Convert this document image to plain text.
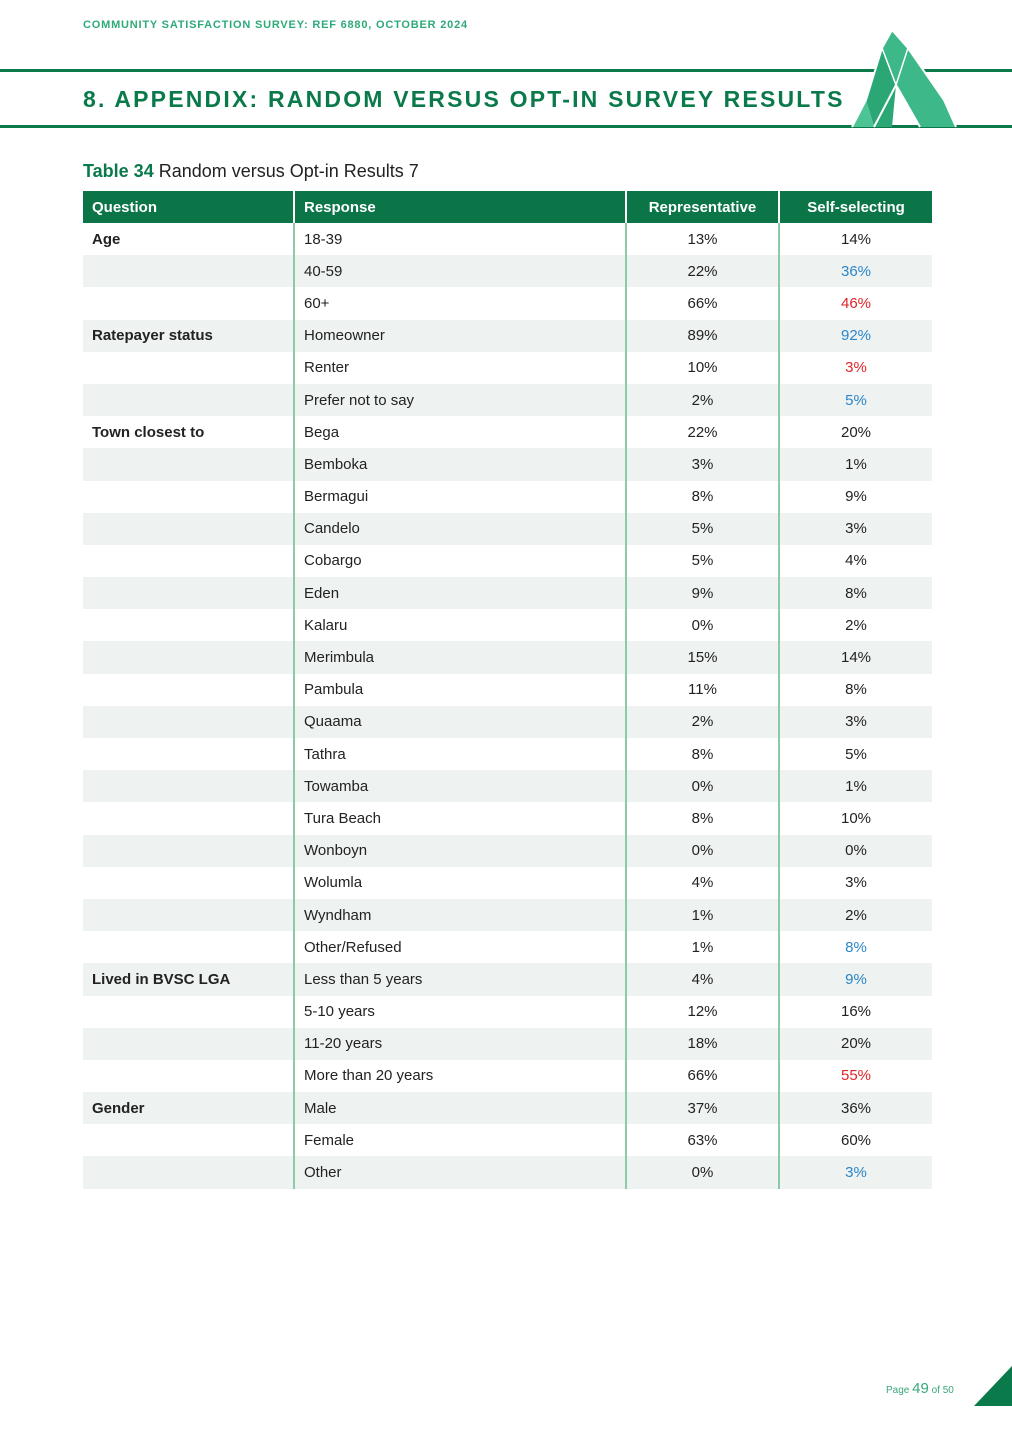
COMMUNITY SATISFACTION SURVEY: REF 6880, OCTOBER 2024
8. APPENDIX: RANDOM VERSUS OPT-IN SURVEY RESULTS
Table 34 Random versus Opt-in Results 7
Question	Response	Representative	Self-selecting
Age	18-39	13%	14%
	40-59	22%	36%
	60+	66%	46%
Ratepayer status	Homeowner	89%	92%
	Renter	10%	3%
	Prefer not to say	2%	5%
Town closest to	Bega	22%	20%
	Bemboka	3%	1%
	Bermagui	8%	9%
	Candelo	5%	3%
	Cobargo	5%	4%
	Eden	9%	8%
	Kalaru	0%	2%
	Merimbula	15%	14%
	Pambula	11%	8%
	Quaama	2%	3%
	Tathra	8%	5%
	Towamba	0%	1%
	Tura Beach	8%	10%
	Wonboyn	0%	0%
	Wolumla	4%	3%
	Wyndham	1%	2%
	Other/Refused	1%	8%
Lived in BVSC LGA	Less than 5 years	4%	9%
	5-10 years	12%	16%
	11-20 years	18%	20%
	More than 20 years	66%	55%
Gender	Male	37%	36%
	Female	63%	60%
	Other	0%	3%
Page 49 of 50
